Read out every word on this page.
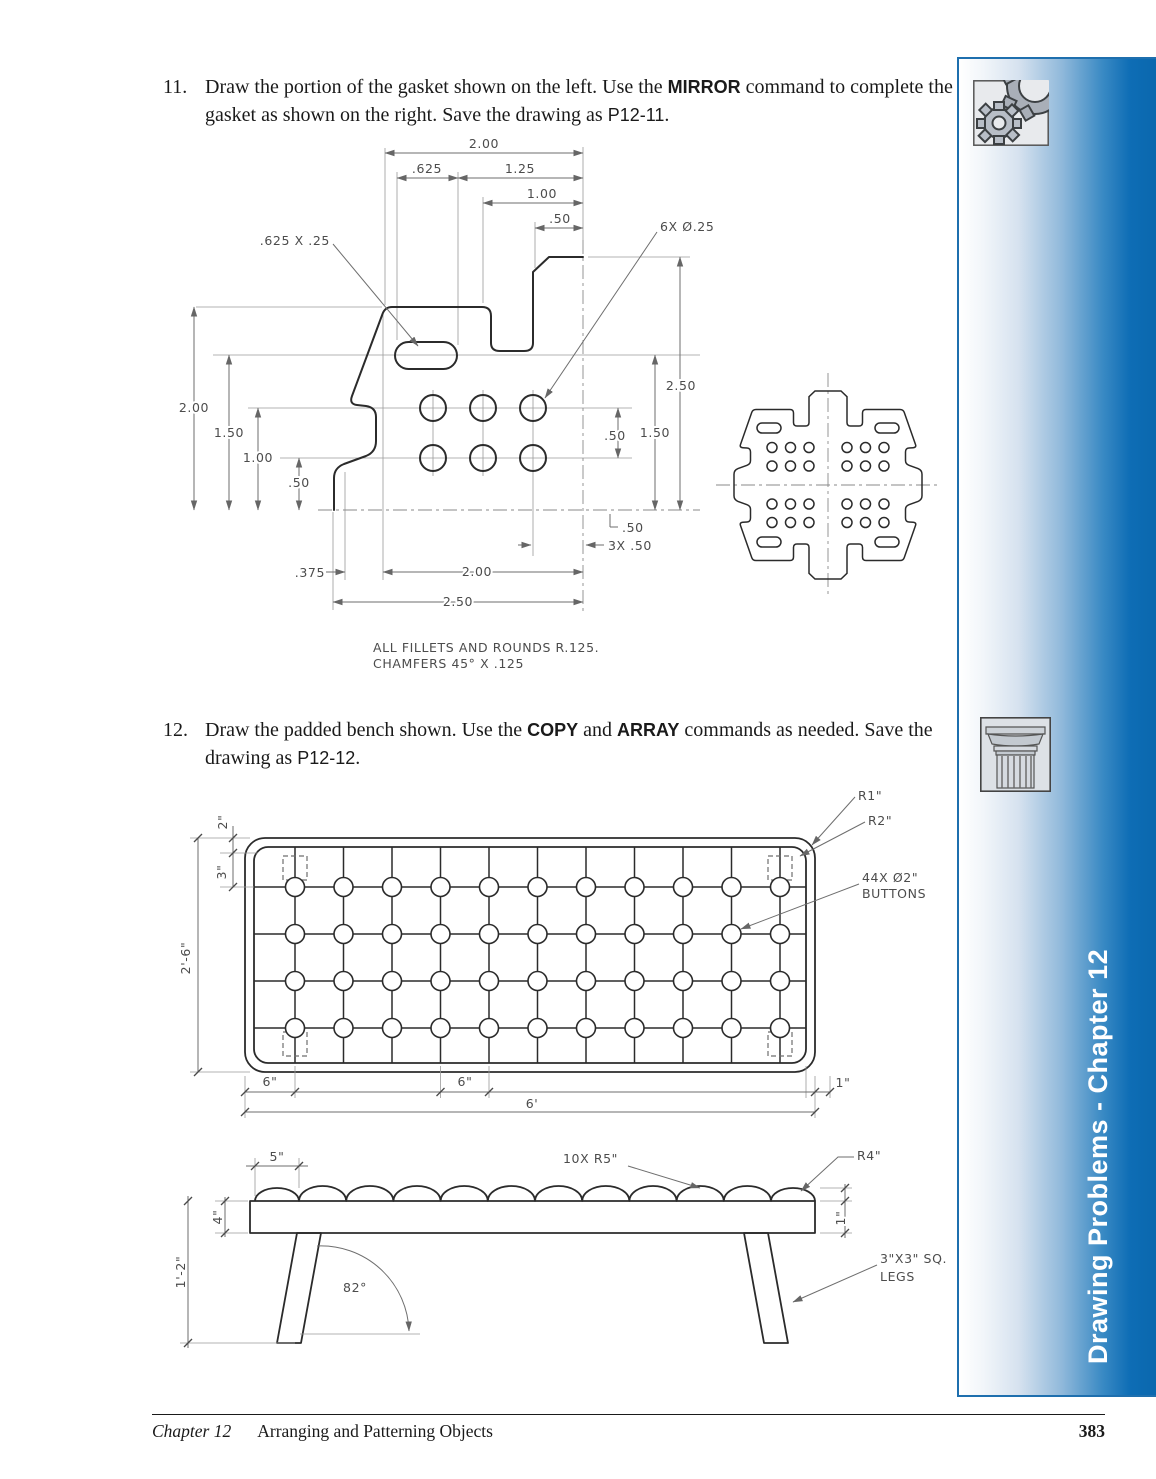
11. Draw the portion of the gasket shown on the left. Use the MIRROR command to complete the gasket as shown on the right. Save the drawing as P12-11.

2.00
.625	1.25
1.00
.50
.625 X .25
6X Ø.25
2.00
1.50
1.00
.50
.50 1.50
2.50
.50
3X .50
.375	2.00
2.50
ALL FILLETS AND ROUNDS R.125.
CHAMFERS 45° X .125
12. Draw the padded bench shown. Use the COPY and ARRAY commands as needed. Save the drawing as P12-12.

2"
3"
2'-6"
6"	6"	1"
6'
R1"
R2"
44X Ø2"
BUTTONS
5"	10X R5"	R4"
1"
4"
1'-2"	82°
3"X3" SQ.
LEGS	Drawing Problems - Chapter 12
Chapter 12 Arranging and Patterning Objects	383
